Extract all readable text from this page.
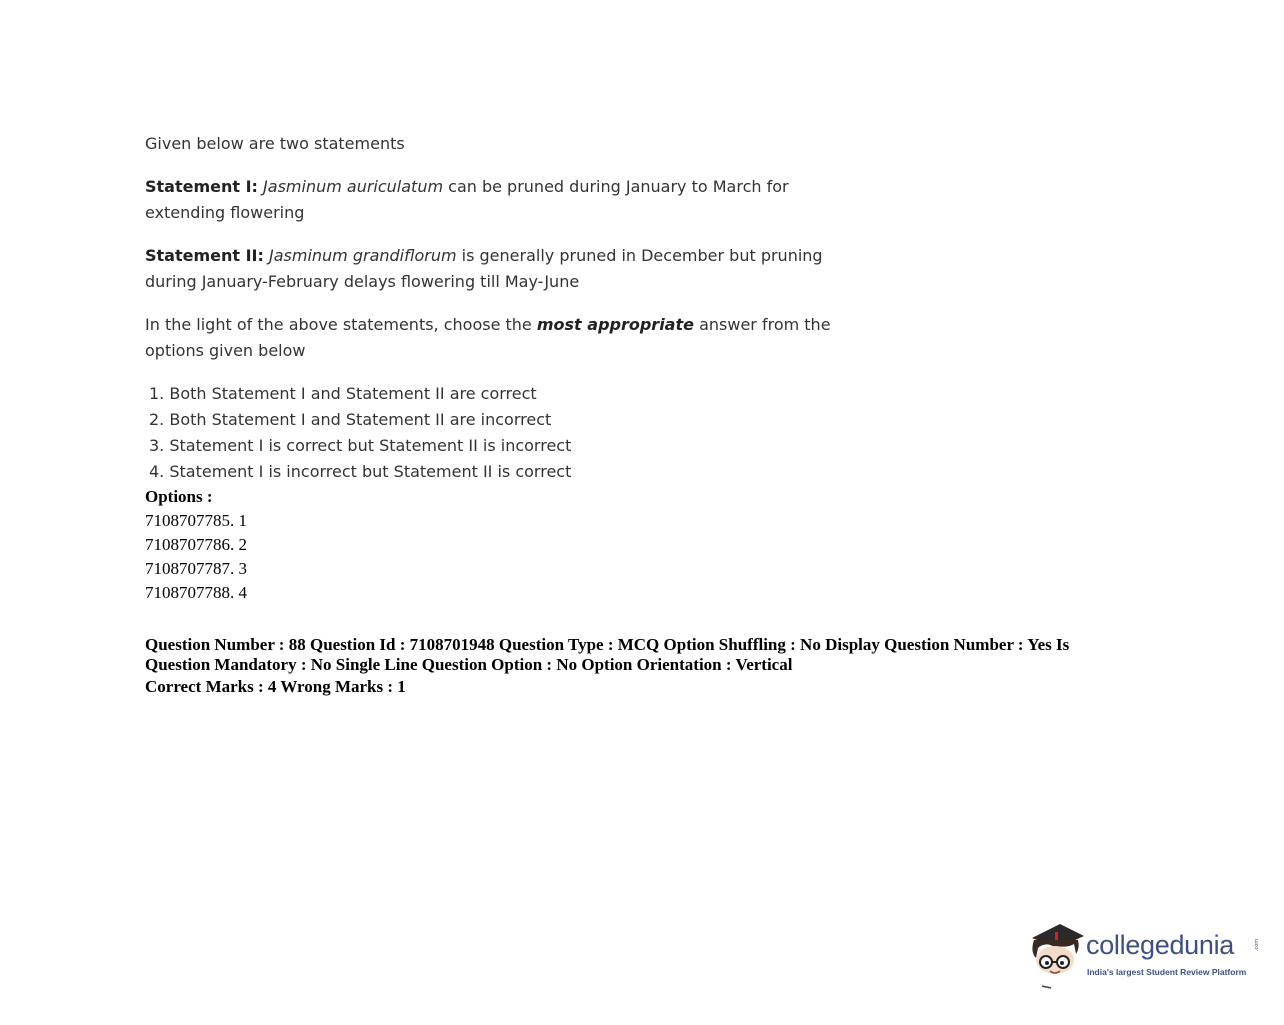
Given below are two statements

Statement I: Jasminum auriculatum can be pruned during January to March for extending flowering

Statement II: Jasminum grandiflorum is generally pruned in December but pruning during January-February delays flowering till May-June

In the light of the above statements, choose the most appropriate answer from the options given below

1. Both Statement I and Statement II are correct
2. Both Statement I and Statement II are incorrect
3. Statement I is correct but Statement II is incorrect
4. Statement I is incorrect but Statement II is correct
Options :
7108707785. 1
7108707786. 2
7108707787. 3
7108707788. 4
Question Number : 88 Question Id : 7108701948 Question Type : MCQ Option Shuffling : No Display Question Number : Yes Is Question Mandatory : No Single Line Question Option : No Option Orientation : Vertical
Correct Marks : 4 Wrong Marks : 1
collegedunia	.com
India's largest Student Review Platform
